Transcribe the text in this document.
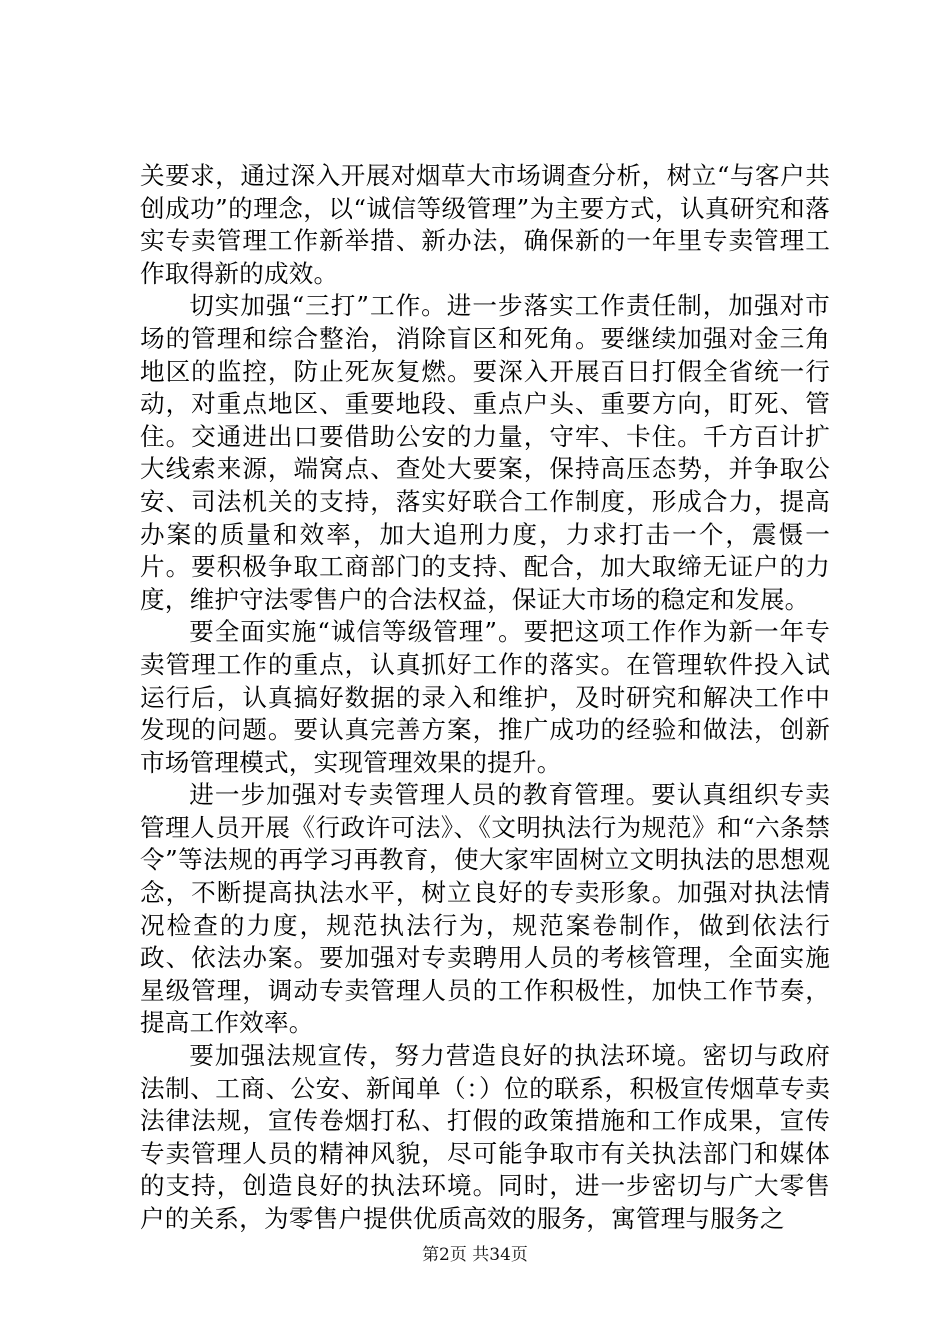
关要求，通过深入开展对烟草大市场调查分析，树立“与客户共创成功”的理念，以“诚信等级管理”为主要方式，认真研究和落实专卖管理工作新举措、新办法，确保新的一年里专卖管理工作取得新的成效。

切实加强“三打”工作。进一步落实工作责任制，加强对市场的管理和综合整治，消除盲区和死角。要继续加强对金三角地区的监控，防止死灰复燃。要深入开展百日打假全省统一行动，对重点地区、重要地段、重点户头、重要方向，盯死、管住。交通进出口要借助公安的力量，守牢、卡住。千方百计扩大线索来源，端窝点、查处大要案，保持高压态势，并争取公安、司法机关的支持，落实好联合工作制度，形成合力，提高办案的质量和效率，加大追刑力度，力求打击一个，震慑一片。要积极争取工商部门的支持、配合，加大取缔无证户的力度，维护守法零售户的合法权益，保证大市场的稳定和发展。

要全面实施“诚信等级管理”。要把这项工作作为新一年专卖管理工作的重点，认真抓好工作的落实。在管理软件投入试运行后，认真搞好数据的录入和维护，及时研究和解决工作中发现的问题。要认真完善方案，推广成功的经验和做法，创新市场管理模式，实现管理效果的提升。

进一步加强对专卖管理人员的教育管理。要认真组织专卖管理人员开展《行政许可法》、《文明执法行为规范》和“六条禁令”等法规的再学习再教育，使大家牢固树立文明执法的思想观念，不断提高执法水平，树立良好的专卖形象。加强对执法情况检查的力度，规范执法行为，规范案卷制作，做到依法行政、依法办案。要加强对专卖聘用人员的考核管理，全面实施星级管理，调动专卖管理人员的工作积极性，加快工作节奏，提高工作效率。

要加强法规宣传，努力营造良好的执法环境。密切与政府法制、工商、公安、新闻单（：）位的联系，积极宣传烟草专卖法律法规，宣传卷烟打私、打假的政策措施和工作成果，宣传专卖管理人员的精神风貌，尽可能争取市有关执法部门和媒体的支持，创造良好的执法环境。同时，进一步密切与广大零售户的关系，为零售户提供优质高效的服务，寓管理与服务之

第2页 共34页
